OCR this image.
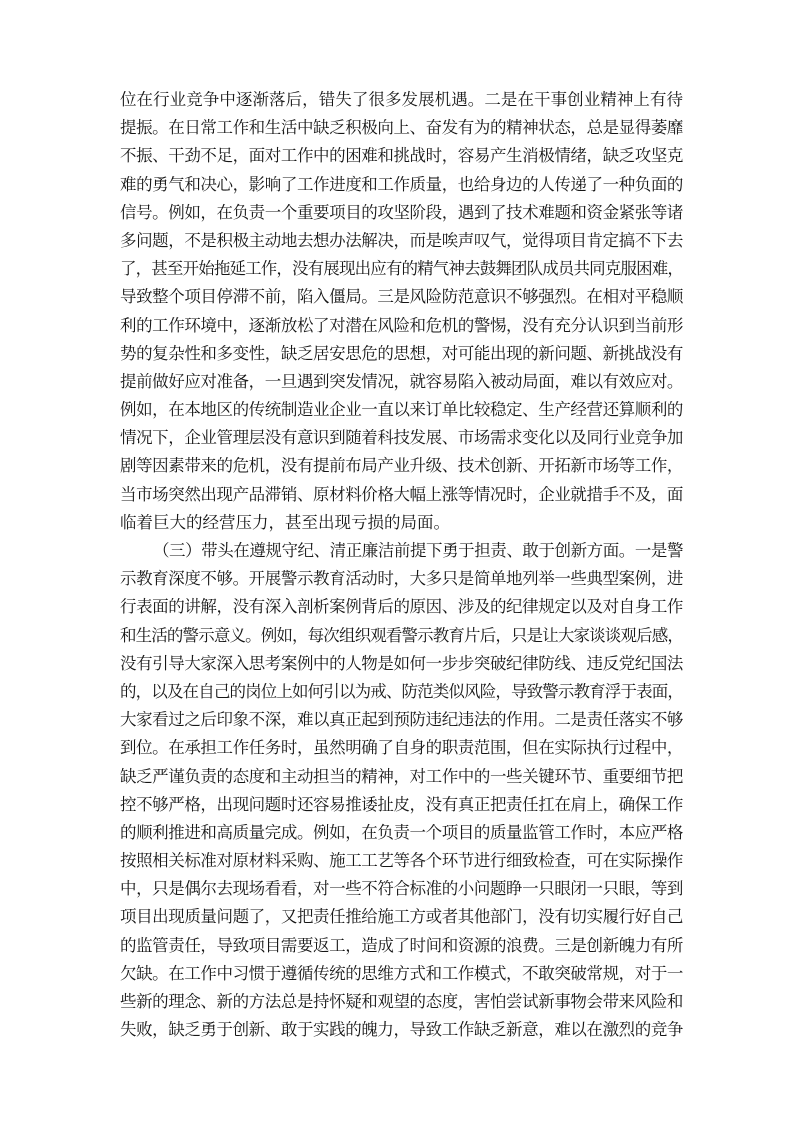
位在行业竞争中逐渐落后，错失了很多发展机遇。二是在干事创业精神上有待
提振。在日常工作和生活中缺乏积极向上、奋发有为的精神状态，总是显得萎靡
不振、干劲不足，面对工作中的困难和挑战时，容易产生消极情绪，缺乏攻坚克
难的勇气和决心，影响了工作进度和工作质量，也给身边的人传递了一种负面的
信号。例如，在负责一个重要项目的攻坚阶段，遇到了技术难题和资金紧张等诸
多问题，不是积极主动地去想办法解决，而是唉声叹气，觉得项目肯定搞不下去
了，甚至开始拖延工作，没有展现出应有的精气神去鼓舞团队成员共同克服困难，
导致整个项目停滞不前，陷入僵局。三是风险防范意识不够强烈。在相对平稳顺
利的工作环境中，逐渐放松了对潜在风险和危机的警惕，没有充分认识到当前形
势的复杂性和多变性，缺乏居安思危的思想，对可能出现的新问题、新挑战没有
提前做好应对准备，一旦遇到突发情况，就容易陷入被动局面，难以有效应对。
例如，在本地区的传统制造业企业一直以来订单比较稳定、生产经营还算顺利的
情况下，企业管理层没有意识到随着科技发展、市场需求变化以及同行业竞争加
剧等因素带来的危机，没有提前布局产业升级、技术创新、开拓新市场等工作，
当市场突然出现产品滞销、原材料价格大幅上涨等情况时，企业就措手不及，面
临着巨大的经营压力，甚至出现亏损的局面。
（三）带头在遵规守纪、清正廉洁前提下勇于担责、敢于创新方面。一是警
示教育深度不够。开展警示教育活动时，大多只是简单地列举一些典型案例，进
行表面的讲解，没有深入剖析案例背后的原因、涉及的纪律规定以及对自身工作
和生活的警示意义。例如，每次组织观看警示教育片后，只是让大家谈谈观后感，
没有引导大家深入思考案例中的人物是如何一步步突破纪律防线、违反党纪国法
的，以及在自己的岗位上如何引以为戒、防范类似风险，导致警示教育浮于表面，
大家看过之后印象不深，难以真正起到预防违纪违法的作用。二是责任落实不够
到位。在承担工作任务时，虽然明确了自身的职责范围，但在实际执行过程中，
缺乏严谨负责的态度和主动担当的精神，对工作中的一些关键环节、重要细节把
控不够严格，出现问题时还容易推诿扯皮，没有真正把责任扛在肩上，确保工作
的顺利推进和高质量完成。例如，在负责一个项目的质量监管工作时，本应严格
按照相关标准对原材料采购、施工工艺等各个环节进行细致检查，可在实际操作
中，只是偶尔去现场看看，对一些不符合标准的小问题睁一只眼闭一只眼，等到
项目出现质量问题了，又把责任推给施工方或者其他部门，没有切实履行好自己
的监管责任，导致项目需要返工，造成了时间和资源的浪费。三是创新魄力有所
欠缺。在工作中习惯于遵循传统的思维方式和工作模式，不敢突破常规，对于一
些新的理念、新的方法总是持怀疑和观望的态度，害怕尝试新事物会带来风险和
失败，缺乏勇于创新、敢于实践的魄力，导致工作缺乏新意，难以在激烈的竞争
